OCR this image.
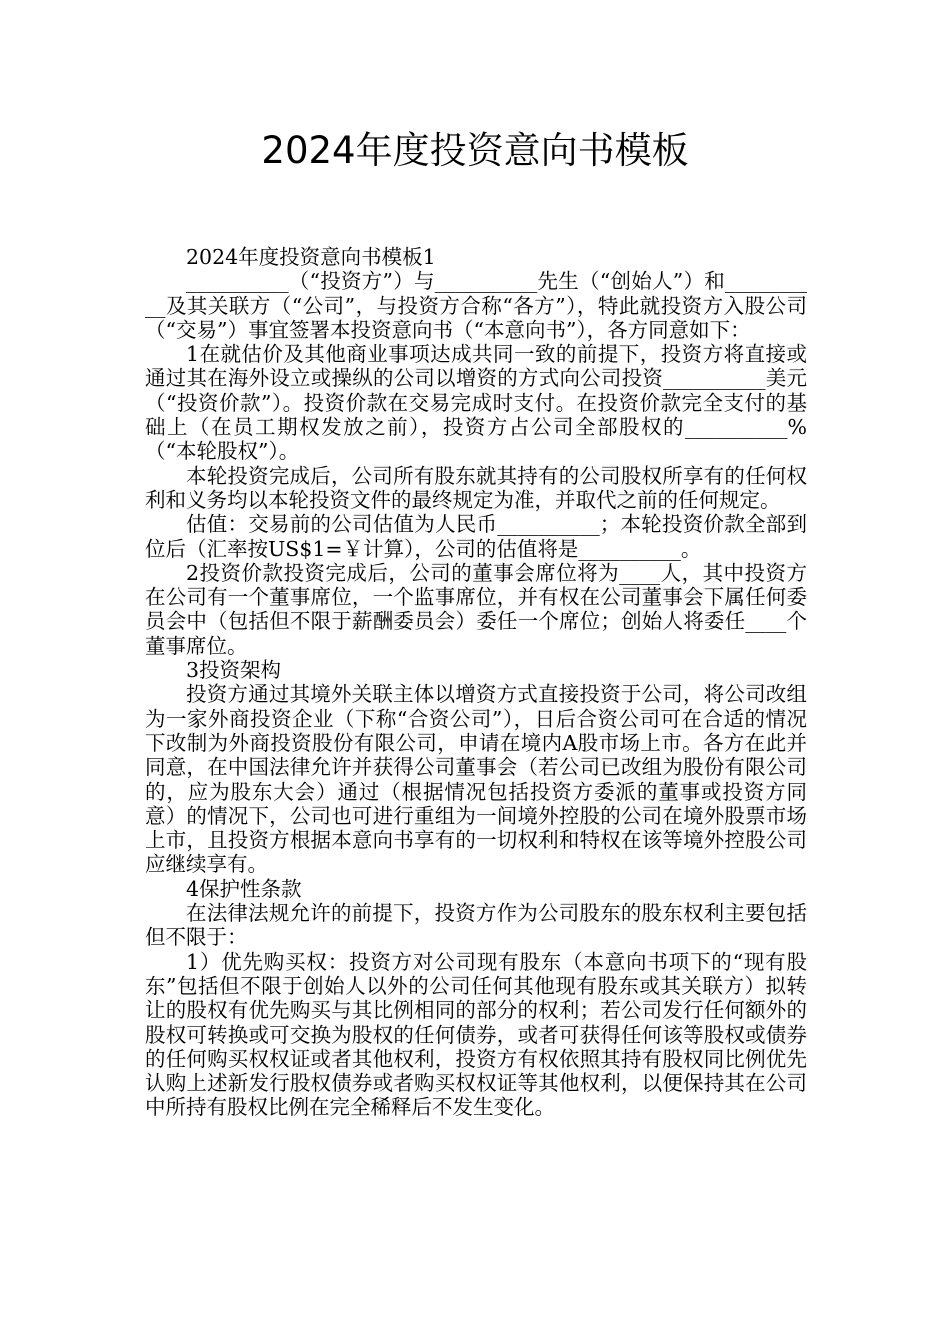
2024年度投资意向书模板

2024年度投资意向书模板1

__________（“投资方”）与__________先生（“创始人”）和__________及其关联方（“公司”，与投资方合称“各方”），特此就投资方入股公司（“交易”）事宜签署本投资意向书（“本意向书”），各方同意如下：

1在就估价及其他商业事项达成共同一致的前提下，投资方将直接或通过其在海外设立或操纵的公司以增资的方式向公司投资__________美元（“投资价款”）。投资价款在交易完成时支付。在投资价款完全支付的基础上（在员工期权发放之前），投资方占公司全部股权的__________%（“本轮股权”）。

本轮投资完成后，公司所有股东就其持有的公司股权所享有的任何权利和义务均以本轮投资文件的最终规定为准，并取代之前的任何规定。

估值：交易前的公司估值为人民币__________；本轮投资价款全部到位后（汇率按US$1=￥计算），公司的估值将是__________。

2投资价款投资完成后，公司的董事会席位将为____人，其中投资方在公司有一个董事席位，一个监事席位，并有权在公司董事会下属任何委员会中（包括但不限于薪酬委员会）委任一个席位；创始人将委任____个董事席位。

3投资架构

投资方通过其境外关联主体以增资方式直接投资于公司，将公司改组为一家外商投资企业（下称“合资公司”），日后合资公司可在合适的情况下改制为外商投资股份有限公司，申请在境内A股市场上市。各方在此并同意，在中国法律允许并获得公司董事会（若公司已改组为股份有限公司的，应为股东大会）通过（根据情况包括投资方委派的董事或投资方同意）的情况下，公司也可进行重组为一间境外控股的公司在境外股票市场上市，且投资方根据本意向书享有的一切权利和特权在该等境外控股公司应继续享有。

4保护性条款

在法律法规允许的前提下，投资方作为公司股东的股东权利主要包括但不限于：

1）优先购买权：投资方对公司现有股东（本意向书项下的“现有股东”包括但不限于创始人以外的公司任何其他现有股东或其关联方）拟转让的股权有优先购买与其比例相同的部分的权利；若公司发行任何额外的股权可转换或可交换为股权的任何债券，或者可获得任何该等股权或债券的任何购买权权证或者其他权利，投资方有权依照其持有股权同比例优先认购上述新发行股权债券或者购买权权证等其他权利，以便保持其在公司中所持有股权比例在完全稀释后不发生变化。
